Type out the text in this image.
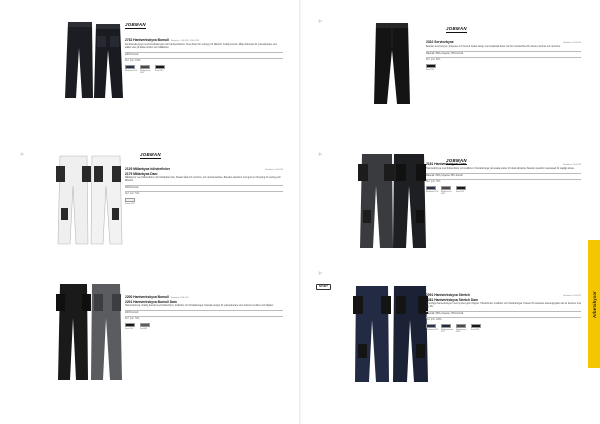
Arbetsbyxor
JOBMAN
2732 Hantverksbyxa Bomull Storlekar: C44-C62, D96-D124
Funktionella byxor med förstärkta knän och hantverksfickor. Flera fickor för verktyg och tillbehör. Kraftig bomull i tåligt utförande för yrkesarbetare som ställer krav på både komfort och hållbarhet.
100% bomull
Ref. pris: 1049:-
Mörkmarin 6700	Mörkgrå/svart 9899
Svart 9999
⚐
JOBMAN
2310 Servicebyxa	Storlekar: C44-C62
Bekväm servicebyxa i polyester och bomull. Enkel design med praktiska fickor och bra rörelsefrihet för arbete inomhus och utomhus.
Material: 65% polyester, 35% bomull
Ref. pris: 529:-
Svart 9999
⚐	JOBMAN
2129 Målarbyxa hölsterficker	Storlekar: C44-C62
2179 Målarbyxa Dam
Målarbyxor med hölsterfickor och förstärkta knän. Passar både för inomhus- och utomhusarbete. Bekväm passform med gott om förvaring för verktyg och tillbehör.
100% bomull
Ref. pris: 749:-
Strikvit 1000
⚐
JOBMAN
2181 Hantverksbyxa Core	Storlekar: C44-C62
Hantverksbyxa med hölsterfickor och knäfickor. Förstärkningar på utsatta partier för ökad slitstyrka. Bekväm passform anpassad för dagligt arbete.
Material: 65% polyester 35% bomull
Ref. pris: 799:-
Mörkmarin 6700	Mörkgrå/svart 9899
Svart 9999
2200 Hantverksbyxa Bomull Storlekar: C44-C62
2201 Hantverksbyxa Bomull Dam
Hantverksbyxa i kraftig bomull med hölsterfickor, knäfickor och förstärkningar. Klassisk design för yrkesarbetare som behöver funktion och tålighet.
100% bomull
Ref. pris: 799:-
Svart 9999	Grå 9800
NYHET
⚐
2091 Hantverksbyxa Stretch	Storlekar: C44-C62
2281 Hantverksbyxa Stretch Dam
Stretchiga hantverksbyxor med mycket god rörlighet. Hölsterfickor, knäfickor och förstärkningar. Passar för krävande arbetsuppgifter där du behöver röra dig fritt.
Material: 65% polyester, 35% bomull
Ref. pris: 1299:-
Mörkmarin 6700	Mörkmarin/svart 6799
Mörkgrå/svart 9899
Svart 9999
